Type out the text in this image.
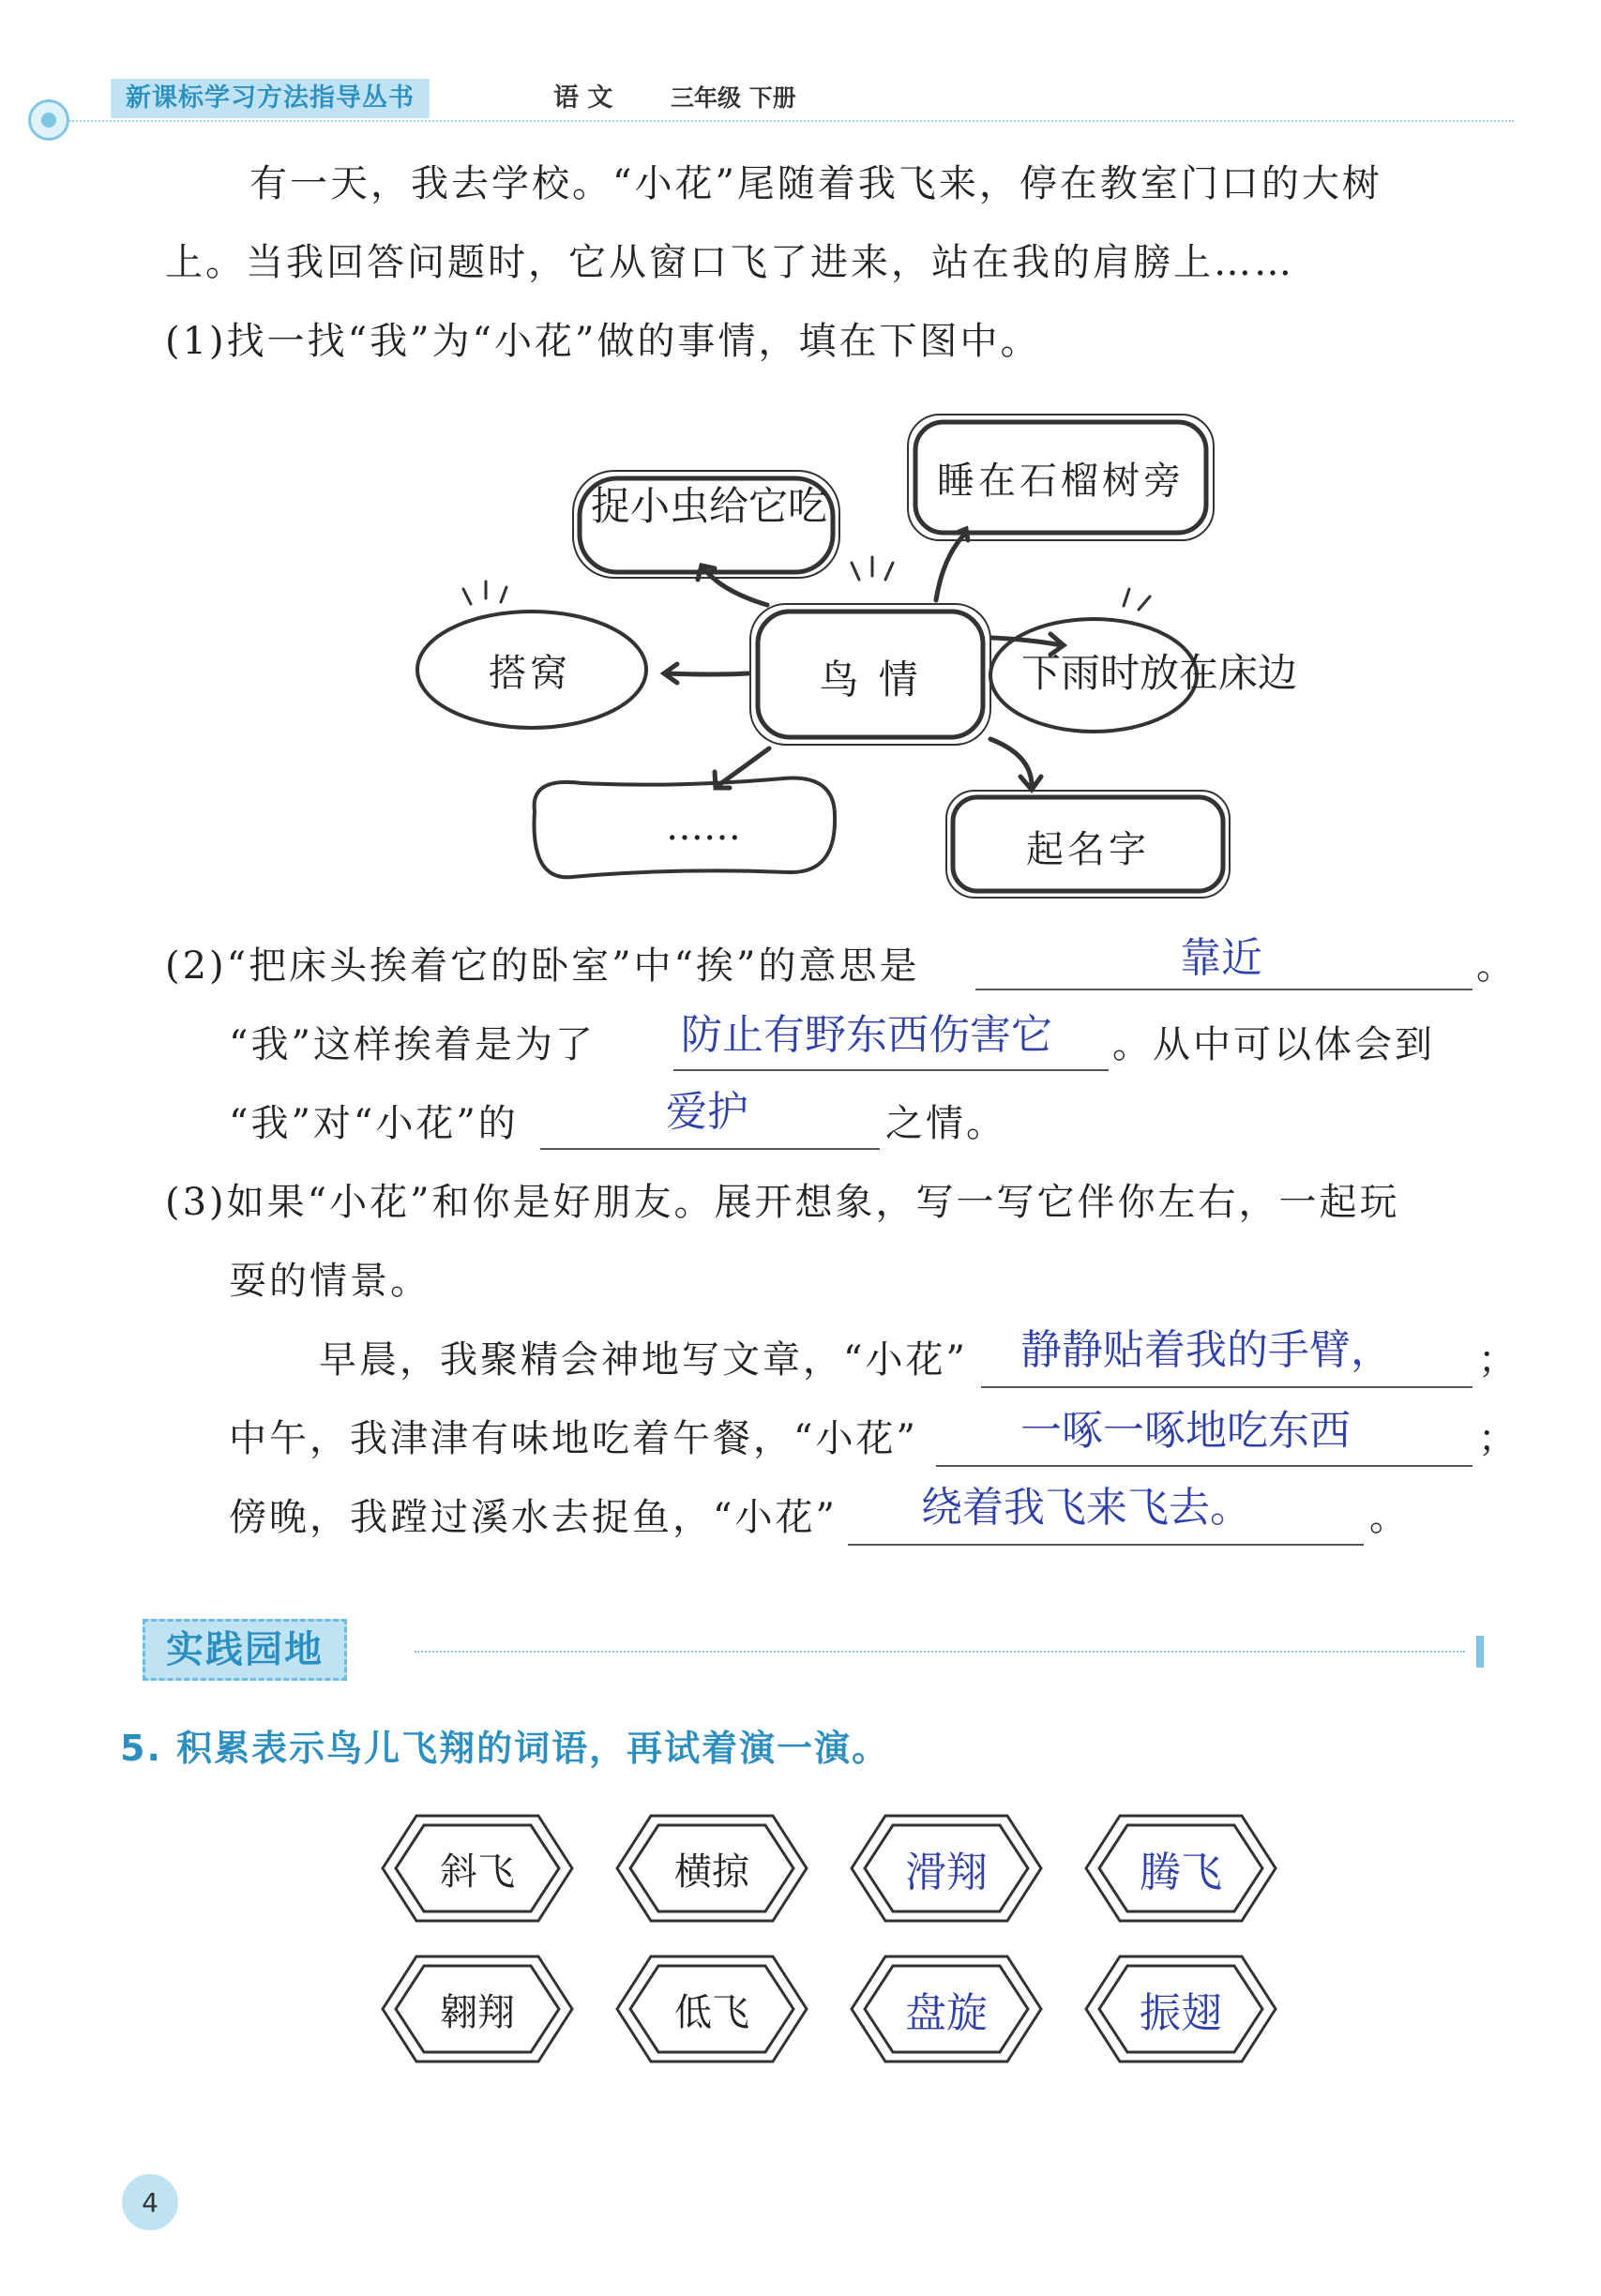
新课标学习方法指导丛书	语 文 三年级 下册
有一天，我去学校。“小花”尾随着我飞来，停在教室门口的大树
上。当我回答问题时，它从窗口飞了进来，站在我的肩膀上……
(1)找一找“我”为“小花”做的事情，填在下图中。
睡在石榴树旁
捉小虫给它吃
搭窝	鸟 情	下雨时放在床边
……
起名字
(2)“把床头挨着它的卧室”中“挨”的意思是	靠近	。
“我”这样挨着是为了 防止有野东西伤害它 。从中可以体会到
“我”对“小花”的	爱护	之情。
(3)如果“小花”和你是好朋友。展开想象，写一写它伴你左右，一起玩
耍的情景。
早晨，我聚精会神地写文章，“小花” 静静贴着我的手臂， ；
中午，我津津有味地吃着午餐，“小花” 一啄一啄地吃东西	；
傍晚，我蹚过溪水去捉鱼，“小花” 绕着我飞来飞去。	。
实践园地
5. 积累表示鸟儿飞翔的词语，再试着演一演。
斜飞	横掠	滑翔	腾飞
翱翔	低飞	盘旋	振翅
4
